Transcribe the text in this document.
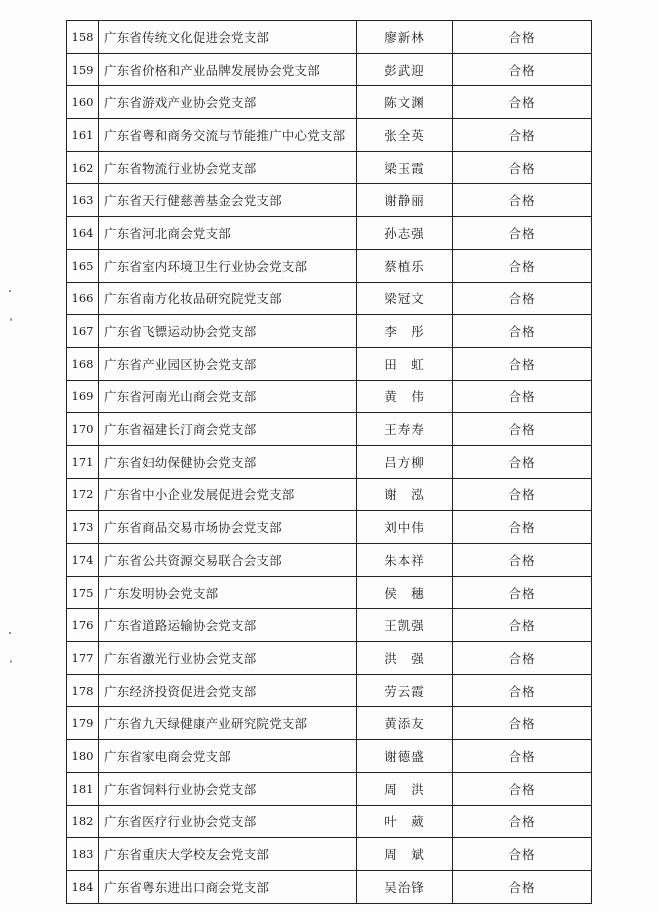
158 广东省传统文化促进会党支部	廖新林	合格
159 广东省价格和产业品牌发展协会党支部	彭武迎	合格
160 广东省游戏产业协会党支部	陈文渊	合格
161 广东省粤和商务交流与节能推广中心党支部	张全英	合格
162 广东省物流行业协会党支部	梁玉霞	合格
163 广东省天行健慈善基金会党支部	谢静丽	合格
164 广东省河北商会党支部	孙志强	合格
165 广东省室内环境卫生行业协会党支部	蔡植乐	合格
166 广东省南方化妆品研究院党支部	梁冠文	合格
167 广东省飞镖运动协会党支部	李　彤	合格
168 广东省产业园区协会党支部	田　虹	合格
169 广东省河南光山商会党支部	黄　伟	合格
170 广东省福建长汀商会党支部	王寿寿	合格
171 广东省妇幼保健协会党支部	吕方柳	合格
172 广东省中小企业发展促进会党支部	谢　泓	合格
173 广东省商品交易市场协会党支部	刘中伟	合格
174 广东省公共资源交易联合会支部	朱本祥	合格
175 广东发明协会党支部	侯　穗	合格
176 广东省道路运输协会党支部	王凯强	合格
177 广东省激光行业协会党支部	洪　强	合格
178 广东经济投资促进会党支部	劳云霞	合格
179 广东省九天绿健康产业研究院党支部	黄添友	合格
180 广东省家电商会党支部	谢德盛	合格
181 广东省饲料行业协会党支部	周　洪	合格
182 广东省医疗行业协会党支部	叶　葳	合格
183 广东省重庆大学校友会党支部	周　斌	合格
184 广东省粤东进出口商会党支部	吴治锋	合格
